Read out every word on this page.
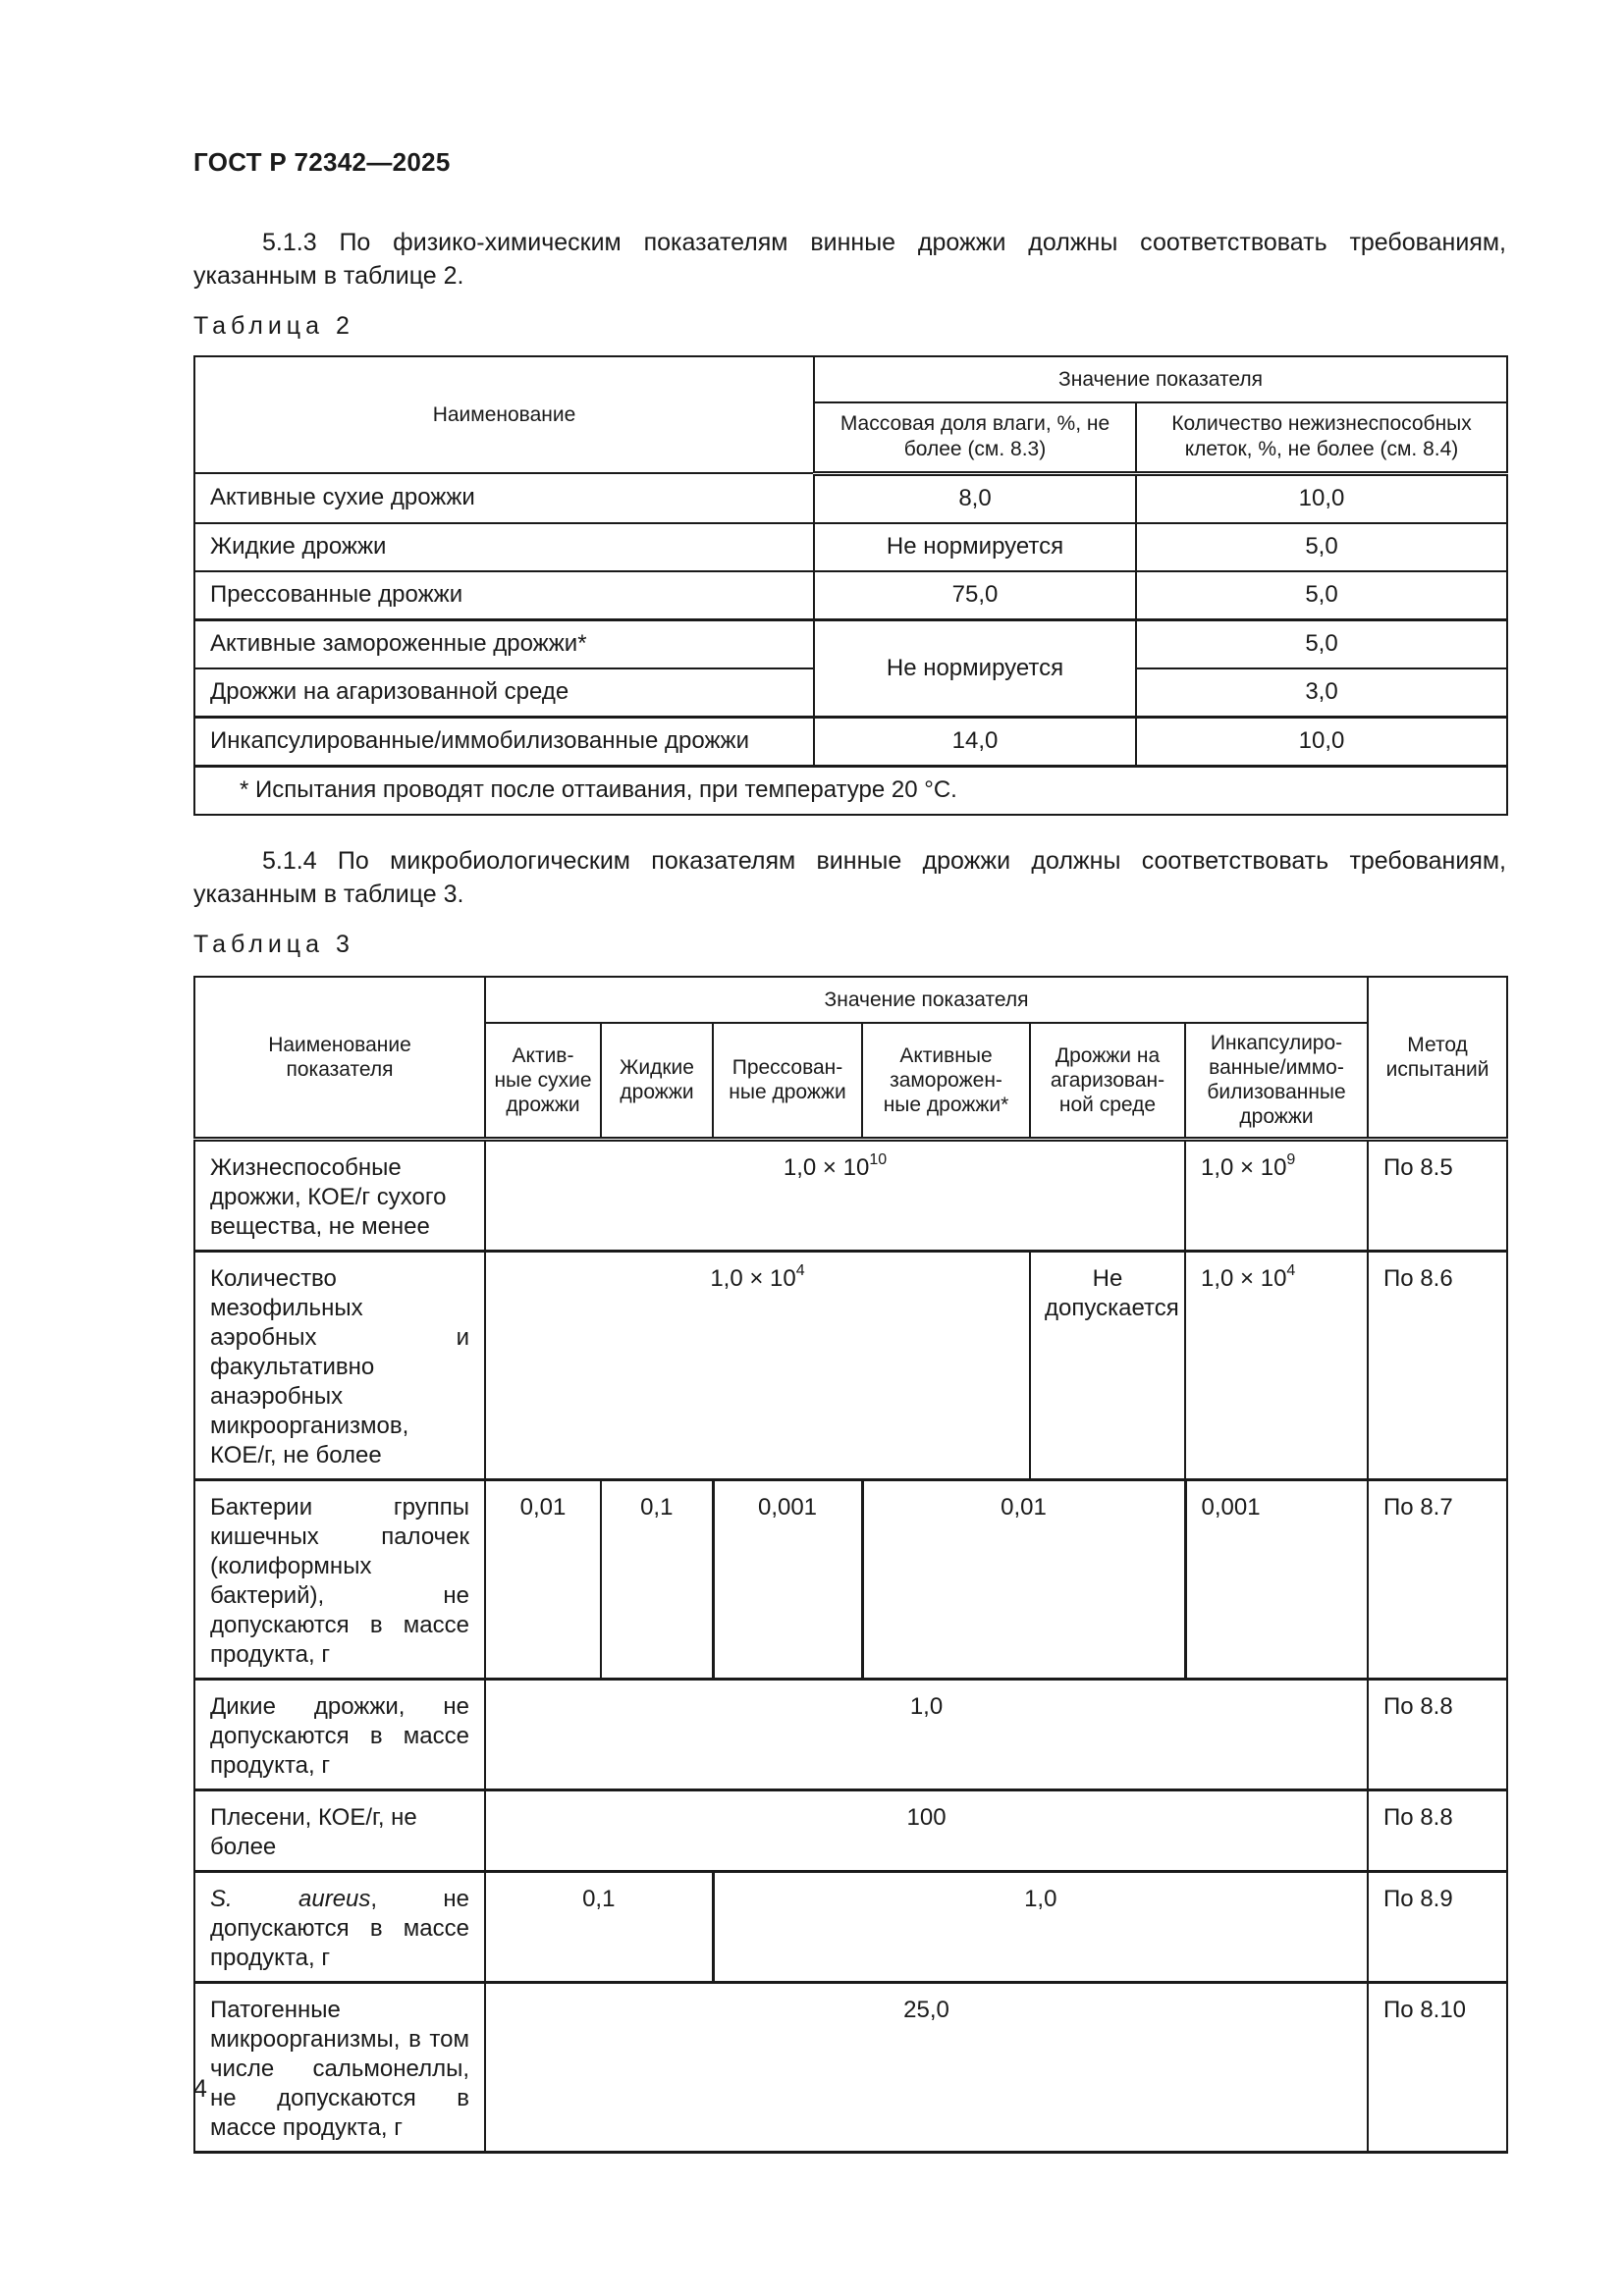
ГОСТ Р 72342—2025
5.1.3 По физико-химическим показателям винные дрожжи должны соответствовать требованиям, указанным в таблице 2.
Таблица 2
Наименование	Значение показателя	
	Массовая доля влаги, %, не более (см. 8.3)	Количество нежизнеспособных клеток, %, не более (см. 8.4)
Активные сухие дрожжи	8,0	10,0
Жидкие дрожжи	Не нормируется	5,0
Прессованные дрожжи	75,0	5,0
Активные замороженные дрожжи*	Не нормируется	5,0
Дрожжи на агаризованной среде		3,0
Инкапсулированные/иммобилизованные дрожжи	14,0	10,0
* Испытания проводят после оттаивания, при температуре 20 °С.		
5.1.4 По микробиологическим показателям винные дрожжи должны соответствовать требованиям, указанным в таблице 3.
Таблица 3
Наименование показателя	Значение показателя						Метод испытаний
	Актив-ные сухие дрожжи	Жидкие дрожжи	Прессован-ные дрожжи	Активные заморожен-ные дрожжи*	Дрожжи на агаризован-ной среде	Инкапсулиро-ванные/иммо-билизованные дрожжи	
Жизнеспособные дрожжи, КОЕ/г сухого вещества, не менее	$1,0 \times 10^{10}$					$1,0 \times 10^9$	По 8.5
Количество мезофильных аэробных и факультативно анаэробных микроорганизмов, КОЕ/г, не более	$1,0 \times 10^4$				Не допускается	$1,0 \times 10^4$	По 8.6
Бактерии группы кишечных палочек (колиформных бактерий), не допускаются в массе продукта, г	0,01	0,1	0,001	0,01		0,001	По 8.7
Дикие дрожжи, не допускаются в массе продукта, г	1,0						По 8.8
Плесени, КОЕ/г, не более	100						По 8.8
S. aureus, не допускаются в массе продукта, г	0,1		1,0				По 8.9
Патогенные микроорганизмы, в том числе сальмонеллы, не допускаются в массе продукта, г	25,0						По 8.10
4
